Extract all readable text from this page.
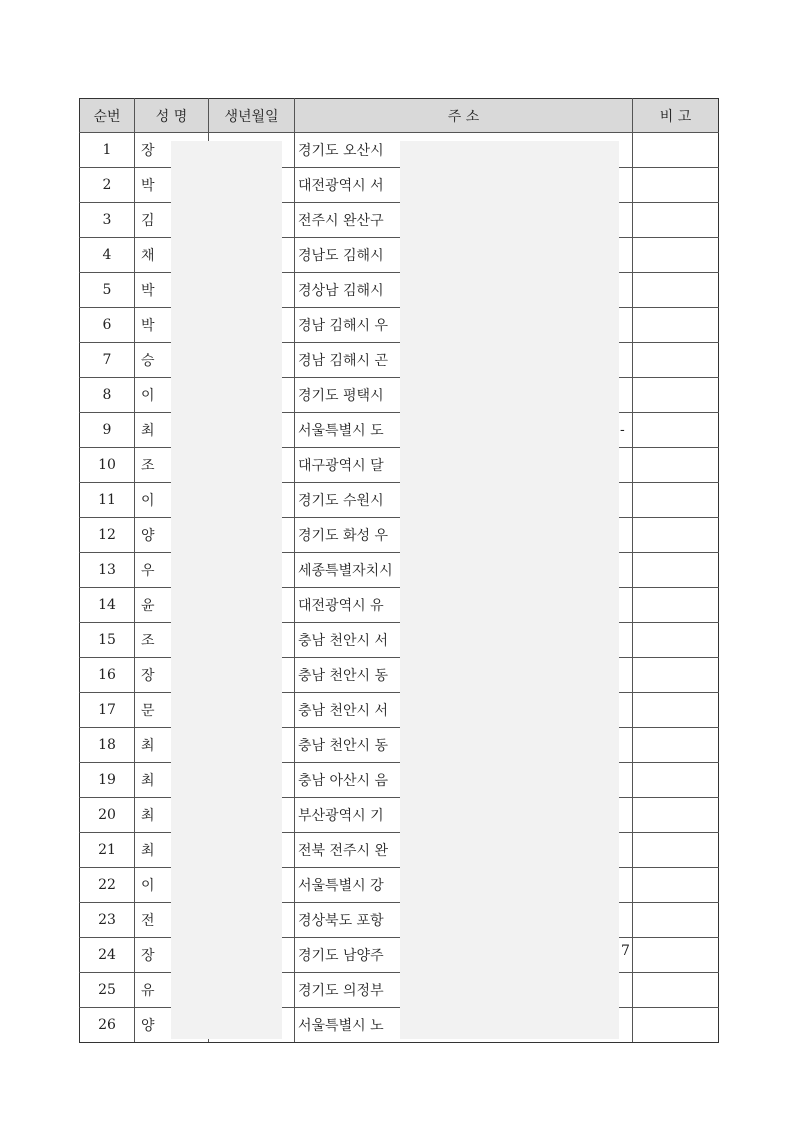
순번	성 명	생년월일	주 소	비 고
1	장		경기도 오산시	
2	박		대전광역시 서	
3	김		전주시 완산구	
4	채		경남도 김해시	
5	박		경상남 김해시	
6	박		경남 김해시 우	
7	승		경남 김해시 곤	
8	이		경기도 평택시	
9	최		서울특별시 도	
10	조		대구광역시 달	
11	이		경기도 수원시	
12	양		경기도 화성 우	
13	우		세종특별자치시	
14	윤		대전광역시 유	
15	조		충남 천안시 서	
16	장		충남 천안시 동	
17	문		충남 천안시 서	
18	최		충남 천안시 동	
19	최		충남 아산시 음	
20	최		부산광역시 기	
21	최		전북 전주시 완	
22	이		서울특별시 강	
23	전		경상북도 포항	
24	장		경기도 남양주	
25	유		경기도 의정부	
26	양		서울특별시 노	
-
7
